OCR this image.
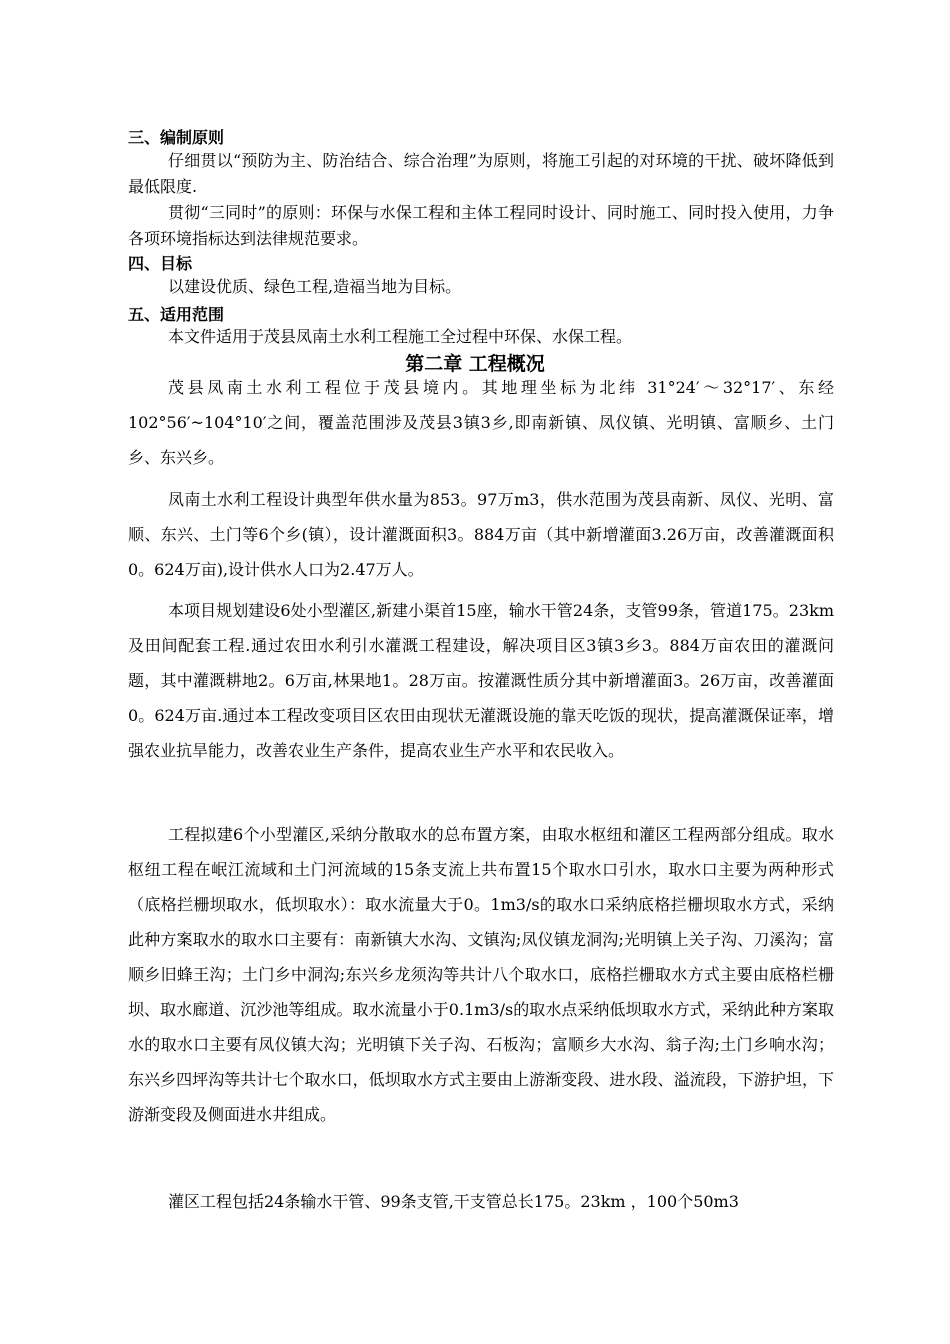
三、编制原则

仔细贯以“预防为主、防治结合、综合治理”为原则，将施工引起的对环境的干扰、破坏降低到最低限度.

贯彻“三同时”的原则：环保与水保工程和主体工程同时设计、同时施工、同时投入使用，力争各项环境指标达到法律规范要求。

四、目标

以建设优质、绿色工程,造福当地为目标。

五、适用范围

本文件适用于茂县凤南土水利工程施工全过程中环保、水保工程。

第二章 工程概况

茂县凤南土水利工程位于茂县境内。其地理坐标为北纬 31°24′～32°17′、东经 102°56′~104°10′之间，覆盖范围涉及茂县3镇3乡,即南新镇、凤仪镇、光明镇、富顺乡、土门乡、东兴乡。

凤南土水利工程设计典型年供水量为853。97万m3，供水范围为茂县南新、凤仪、光明、富顺、东兴、土门等6个乡(镇），设计灌溉面积3。884万亩（其中新增灌面3.26万亩，改善灌溉面积0。624万亩),设计供水人口为2.47万人。

本项目规划建设6处小型灌区,新建小渠首15座，输水干管24条，支管99条，管道175。23km及田间配套工程.通过农田水利引水灌溉工程建设，解决项目区3镇3乡3。884万亩农田的灌溉问题，其中灌溉耕地2。6万亩,林果地1。28万亩。按灌溉性质分其中新增灌面3。26万亩，改善灌面0。624万亩.通过本工程改变项目区农田由现状无灌溉设施的靠天吃饭的现状，提高灌溉保证率，增强农业抗旱能力，改善农业生产条件，提高农业生产水平和农民收入。

工程拟建6个小型灌区,采纳分散取水的总布置方案，由取水枢纽和灌区工程两部分组成。取水枢纽工程在岷江流域和土门河流域的15条支流上共布置15个取水口引水，取水口主要为两种形式（底格拦栅坝取水，低坝取水）：取水流量大于0。1m3/s的取水口采纳底格拦栅坝取水方式，采纳此种方案取水的取水口主要有：南新镇大水沟、文镇沟;凤仪镇龙洞沟;光明镇上关子沟、刀溪沟；富顺乡旧蜂王沟；土门乡中洞沟;东兴乡龙须沟等共计八个取水口，底格拦栅取水方式主要由底格栏栅坝、取水廊道、沉沙池等组成。取水流量小于0.1m3/s的取水点采纳低坝取水方式，采纳此种方案取水的取水口主要有凤仪镇大沟；光明镇下关子沟、石板沟；富顺乡大水沟、翁子沟;土门乡响水沟；东兴乡四坪沟等共计七个取水口，低坝取水方式主要由上游渐变段、进水段、溢流段，下游护坦，下游渐变段及侧面进水井组成。

灌区工程包括24条输水干管、99条支管,干支管总长175。23km ，100个50m3
